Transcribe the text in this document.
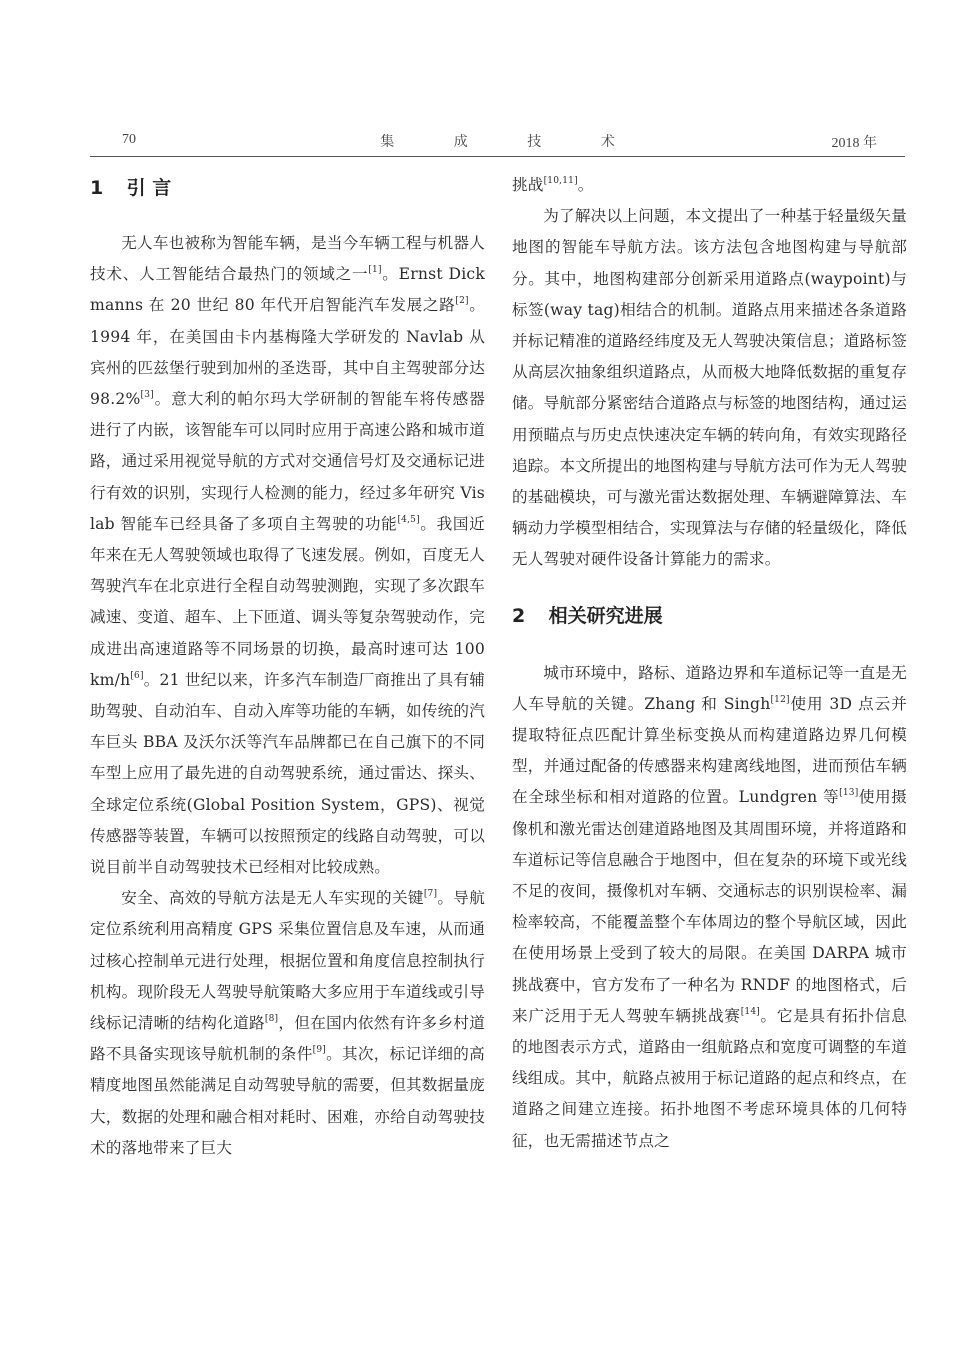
70	集 成 技 术	2018 年
1 引 言

无人车也被称为智能车辆，是当今车辆工程与机器人技术、人工智能结合最热门的领域之一[1]。Ernst Dickmanns 在 20 世纪 80 年代开启智能汽车发展之路[2]。1994 年，在美国由卡内基梅隆大学研发的 Navlab 从宾州的匹兹堡行驶到加州的圣迭哥，其中自主驾驶部分达 98.2%[3]。意大利的帕尔玛大学研制的智能车将传感器进行了内嵌，该智能车可以同时应用于高速公路和城市道路，通过采用视觉导航的方式对交通信号灯及交通标记进行有效的识别，实现行人检测的能力，经过多年研究 Vislab 智能车已经具备了多项自主驾驶的功能[4,5]。我国近年来在无人驾驶领域也取得了飞速发展。例如，百度无人驾驶汽车在北京进行全程自动驾驶测跑，实现了多次跟车减速、变道、超车、上下匝道、调头等复杂驾驶动作，完成进出高速道路等不同场景的切换，最高时速可达 100 km/h[6]。21 世纪以来，许多汽车制造厂商推出了具有辅助驾驶、自动泊车、自动入库等功能的车辆，如传统的汽车巨头 BBA 及沃尔沃等汽车品牌都已在自己旗下的不同车型上应用了最先进的自动驾驶系统，通过雷达、探头、全球定位系统(Global Position System，GPS)、视觉传感器等装置，车辆可以按照预定的线路自动驾驶，可以说目前半自动驾驶技术已经相对比较成熟。

安全、高效的导航方法是无人车实现的关键[7]。导航定位系统利用高精度 GPS 采集位置信息及车速，从而通过核心控制单元进行处理，根据位置和角度信息控制执行机构。现阶段无人驾驶导航策略大多应用于车道线或引导线标记清晰的结构化道路[8]，但在国内依然有许多乡村道路不具备实现该导航机制的条件[9]。其次，标记详细的高精度地图虽然能满足自动驾驶导航的需要，但其数据量庞大，数据的处理和融合相对耗时、困难，亦给自动驾驶技术的落地带来了巨大

挑战[10,11]。

为了解决以上问题，本文提出了一种基于轻量级矢量地图的智能车导航方法。该方法包含地图构建与导航部分。其中，地图构建部分创新采用道路点(waypoint)与标签(way tag)相结合的机制。道路点用来描述各条道路并标记精准的道路经纬度及无人驾驶决策信息；道路标签从高层次抽象组织道路点，从而极大地降低数据的重复存储。导航部分紧密结合道路点与标签的地图结构，通过运用预瞄点与历史点快速决定车辆的转向角，有效实现路径追踪。本文所提出的地图构建与导航方法可作为无人驾驶的基础模块，可与激光雷达数据处理、车辆避障算法、车辆动力学模型相结合，实现算法与存储的轻量级化，降低无人驾驶对硬件设备计算能力的需求。

2 相关研究进展

城市环境中，路标、道路边界和车道标记等一直是无人车导航的关键。Zhang 和 Singh[12]使用 3D 点云并提取特征点匹配计算坐标变换从而构建道路边界几何模型，并通过配备的传感器来构建离线地图，进而预估车辆在全球坐标和相对道路的位置。Lundgren 等[13]使用摄像机和激光雷达创建道路地图及其周围环境，并将道路和车道标记等信息融合于地图中，但在复杂的环境下或光线不足的夜间，摄像机对车辆、交通标志的识别误检率、漏检率较高，不能覆盖整个车体周边的整个导航区域，因此在使用场景上受到了较大的局限。在美国 DARPA 城市挑战赛中，官方发布了一种名为 RNDF 的地图格式，后来广泛用于无人驾驶车辆挑战赛[14]。它是具有拓扑信息的地图表示方式，道路由一组航路点和宽度可调整的车道线组成。其中，航路点被用于标记道路的起点和终点，在道路之间建立连接。拓扑地图不考虑环境具体的几何特征，也无需描述节点之
